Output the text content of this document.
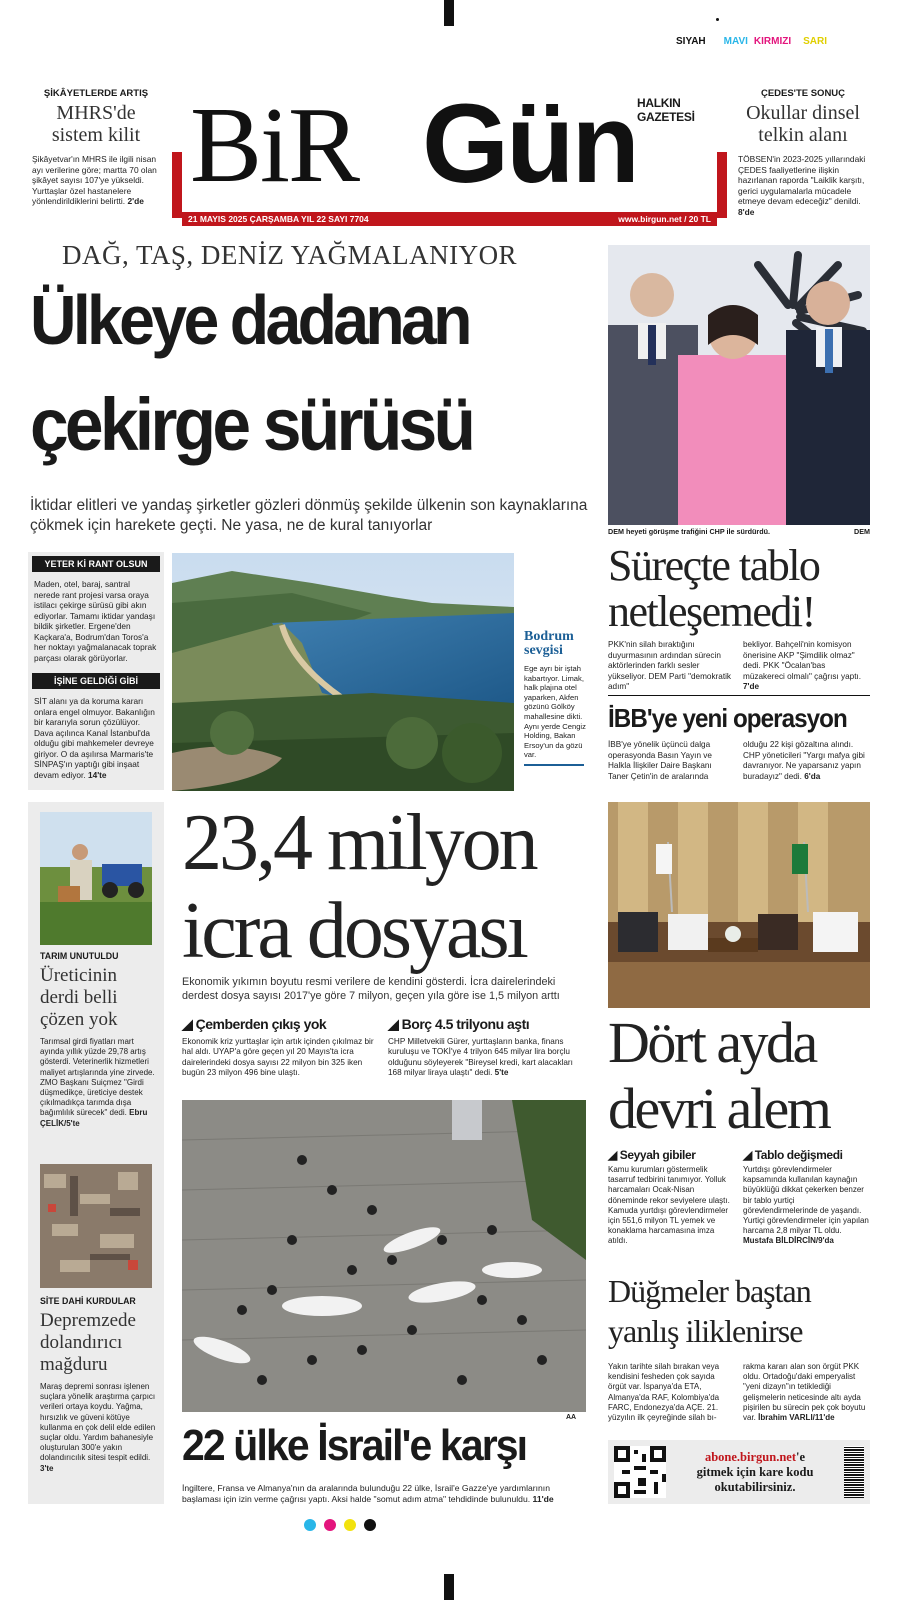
SIYAH MAVI KIRMIZI SARI
ŞİKÂYETLERDE ARTIŞ
MHRS'de sistem kilit
Şikâyetvar'ın MHRS ile ilgili nisan ayı verilerine göre; martta 70 olan şikâyet sayısı 107'ye yükseldi. Yurttaşlar özel hastanelere yönlendirildiklerini belirtti. 2'de BiR Gün HALKIN GAZETESİ
21 MAYIS 2025 ÇARŞAMBA YIL 22 SAYI 7704	www.birgun.net / 20 TL
ÇEDES'TE SONUÇ
Okullar dinsel telkin alanı
TÖBSEN'in 2023-2025 yıllarındaki ÇEDES faaliyetlerine ilişkin hazırlanan raporda "Laiklik karşıtı, gerici uygulamalarla mücadele etmeye devam edeceğiz" denildi. 8'de
DAĞ, TAŞ, DENİZ YAĞMALANIYOR
Ülkeye dadanan
çekirge sürüsü
İktidar elitleri ve yandaş şirketler gözleri dönmüş şekilde ülkenin son kaynaklarına çökmek için harekete geçti. Ne yasa, ne de kural tanıyorlar
YETER Kİ RANT OLSUN
Maden, otel, baraj, santral nerede rant projesi varsa oraya istilacı çekirge sürüsü gibi akın ediyorlar. Tamamı iktidar yandaşı bildik şirketler. Ergene'den Kaçkara'a, Bodrum'dan Toros'a her noktayı yağmalanacak toprak parçası olarak görüyorlar.
İŞİNE GELDİĞİ GİBİ
SİT alanı ya da koruma kararı onlara engel olmuyor. Bakanlığın bir kararıyla sorun çözülüyor. Dava açılınca Kanal İstanbul'da olduğu gibi mahkemeler devreye giriyor. O da aşılırsa Marmaris'te SİNPAŞ'ın yaptığı gibi inşaat devam ediyor. 14'te
Bodrum sevgisi
Ege ayrı bir iştah kabartıyor. Limak, halk plajına otel yaparken, Akfen gözünü Gölköy mahallesine dikti. Aynı yerde Cengiz Holding, Bakan Ersoy'un da gözü var.
DEM heyeti görüşme trafiğini CHP ile sürdürdü.	DEM
Süreçte tablo
netleşemedi!
PKK'nin silah bıraktığını duyurmasının ardından sürecin aktörlerinden farklı sesler yükseliyor. DEM Parti "demokratik adım"
bekliyor. Bahçeli'nin komisyon önerisine AKP "Şimdilik olmaz" dedi. PKK "Öcalan'bas müzakereci olmalı" çağrısı yaptı. 7'de
İBB'ye yeni operasyon
İBB'ye yönelik üçüncü dalga operasyonda Basın Yayın ve Halkla İlişkiler Daire Başkanı Taner Çetin'in de aralarında
olduğu 22 kişi gözaltına alındı. CHP yöneticileri "Yargı mafya gibi davranıyor. Ne yaparsanız yapın buradayız" dedi. 6'da
TARIM UNUTULDU
Üreticinin derdi belli çözen yok
Tarımsal girdi fiyatları mart ayında yıllık yüzde 29,78 artış gösterdi. Veterinerlik hizmetleri maliyet artışlarında yine zirvede. ZMO Başkanı Suiçmez "Girdi düşmedikçe, üreticiye destek çıkılmadıkça tarımda dışa bağımlılık sürecek" dedi. Ebru ÇELİK/5'te
SİTE DAHİ KURDULAR
Depremzede dolandırıcı mağduru
Maraş depremi sonrası işlenen suçlara yönelik araştırma çarpıcı verileri ortaya koydu. Yağma, hırsızlık ve güveni kötüye kullanma en çok delil elde edilen suçlar oldu. Yardım bahanesiyle oluşturulan 300'e yakın dolandırıcılık sitesi tespit edildi. 3'te
23,4 milyon
icra dosyası
Ekonomik yıkımın boyutu resmi verilere de kendini gösterdi. İcra dairelerindeki derdest dosya sayısı 2017'ye göre 7 milyon, geçen yıla göre ise 1,5 milyon arttı
◢ Çemberden çıkış yok
Ekonomik kriz yurttaşlar için artık içinden çıkılmaz bir hal aldı. UYAP'a göre geçen yıl 20 Mayıs'ta icra dairelerindeki dosya sayısı 22 milyon bin 325 iken bugün 23 milyon 496 bine ulaştı.
◢ Borç 4.5 trilyonu aştı
CHP Milletvekili Gürer, yurttaşların banka, finans kuruluşu ve TOKİ'ye 4 trilyon 645 milyar lira borçlu olduğunu söyleyerek "Bireysel kredi, kart alacakları 168 milyar liraya ulaştı" dedi. 5'te
AA
22 ülke İsrail'e karşı
İngiltere, Fransa ve Almanya'nın da aralarında bulunduğu 22 ülke, İsrail'e Gazze'ye yardımlarının başlaması için izin verme çağrısı yaptı. Aksi halde "somut adım atma" tehdidinde bulunuldu. 11'de
Dört ayda
devri alem
◢ Seyyah gibiler
Kamu kurumları göstermelik tasarruf tedbirini tanımıyor. Yolluk harcamaları Ocak-Nisan döneminde rekor seviyelere ulaştı. Kamuda yurtdışı görevlendirmeler için 551,6 milyon TL yemek ve konaklama harcamasına imza atıldı.
◢ Tablo değişmedi
Yurtdışı görevlendirmeler kapsamında kullanılan kaynağın büyüklüğü dikkat çekerken benzer bir tablo yurtiçi görevlendirmelerinde de yaşandı. Yurtiçi görevlendirmeler için yapılan harcama 2,8 milyar TL oldu. Mustafa BİLDİRCİN/9'da
Düğmeler baştan
yanlış iliklenirse
Yakın tarihte silah bırakan veya kendisini fesheden çok sayıda örgüt var. İspanya'da ETA, Almanya'da RAF, Kolombiya'da FARC, Endonezya'da AÇE. 21. yüzyılın ilk çeyreğinde silah bı-
rakma kararı alan son örgüt PKK oldu. Ortadoğu'daki emperyalist "yeni dizayn"ın tetiklediği gelişmelerin neticesinde altı ayda pişirilen bu sürecin pek çok boyutu var. İbrahim VARLI/11'de
abone.birgun.net'e
gitmek için kare kodu
okutabilirsiniz.
